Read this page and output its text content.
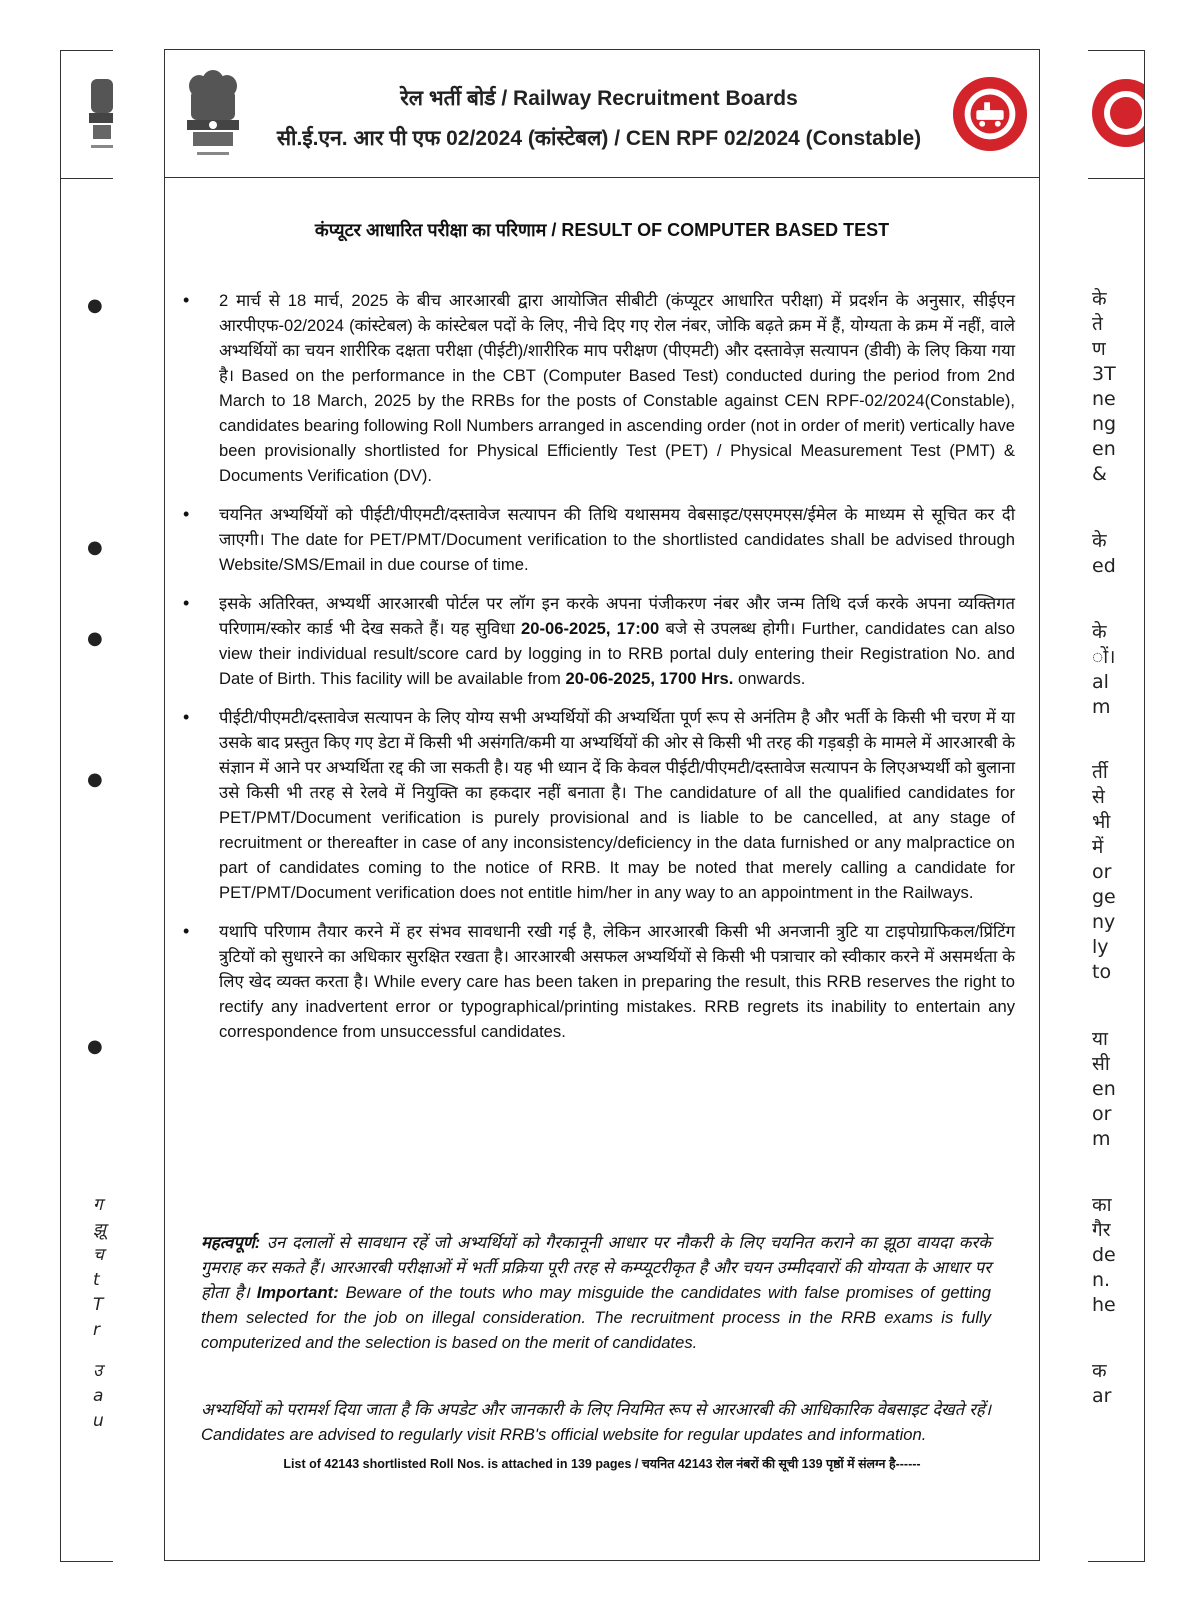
●
●
●
●
●
ग
झू
च
t
T
r
उ
a
u
के
ते
ण
3T
ne
ng
en
&
के
ed
के
ों।
al
m
र्ती
से
भी
में
or
ge
ny
ly
to
या
सी
en
or
m
का
गैर
de
n.
he
क
ar
रेल भर्ती बोर्ड / Railway Recruitment Boards
सी.ई.एन. आर पी एफ 02/2024 (कांस्टेबल) / CEN RPF 02/2024 (Constable)
कंप्यूटर आधारित परीक्षा का परिणाम / RESULT OF COMPUTER BASED TEST
• 2 मार्च से 18 मार्च, 2025 के बीच आरआरबी द्वारा आयोजित सीबीटी (कंप्यूटर आधारित परीक्षा) में प्रदर्शन के अनुसार, सीईएन आरपीएफ-02/2024 (कांस्टेबल) के कांस्टेबल पदों के लिए, नीचे दिए गए रोल नंबर, जोकि बढ़ते क्रम में हैं, योग्यता के क्रम में नहीं, वाले अभ्यर्थियों का चयन शारीरिक दक्षता परीक्षा (पीईटी)/शारीरिक माप परीक्षण (पीएमटी) और दस्तावेज़ सत्यापन (डीवी) के लिए किया गया है। Based on the performance in the CBT (Computer Based Test) conducted during the period from 2nd March to 18 March, 2025 by the RRBs for the posts of Constable against CEN RPF-02/2024(Constable), candidates bearing following Roll Numbers arranged in ascending order (not in order of merit) vertically have been provisionally shortlisted for Physical Efficiently Test (PET) / Physical Measurement Test (PMT) & Documents Verification (DV).
• चयनित अभ्यर्थियों को पीईटी/पीएमटी/दस्तावेज सत्यापन की तिथि यथासमय वेबसाइट/एसएमएस/ईमेल के माध्यम से सूचित कर दी जाएगी। The date for PET/PMT/Document verification to the shortlisted candidates shall be advised through Website/SMS/Email in due course of time.
• इसके अतिरिक्त, अभ्यर्थी आरआरबी पोर्टल पर लॉग इन करके अपना पंजीकरण नंबर और जन्म तिथि दर्ज करके अपना व्यक्तिगत परिणाम/स्कोर कार्ड भी देख सकते हैं। यह सुविधा 20-06-2025, 17:00 बजे से उपलब्ध होगी। Further, candidates can also view their individual result/score card by logging in to RRB portal duly entering their Registration No. and Date of Birth. This facility will be available from 20-06-2025, 1700 Hrs. onwards.
• पीईटी/पीएमटी/दस्तावेज सत्यापन के लिए योग्य सभी अभ्यर्थियों की अभ्यर्थिता पूर्ण रूप से अनंतिम है और भर्ती के किसी भी चरण में या उसके बाद प्रस्तुत किए गए डेटा में किसी भी असंगति/कमी या अभ्यर्थियों की ओर से किसी भी तरह की गड़बड़ी के मामले में आरआरबी के संज्ञान में आने पर अभ्यर्थिता रद्द की जा सकती है। यह भी ध्यान दें कि केवल पीईटी/पीएमटी/दस्तावेज सत्यापन के लिएअभ्यर्थी को बुलाना उसे किसी भी तरह से रेलवे में नियुक्ति का हकदार नहीं बनाता है। The candidature of all the qualified candidates for PET/PMT/Document verification is purely provisional and is liable to be cancelled, at any stage of recruitment or thereafter in case of any inconsistency/deficiency in the data furnished or any malpractice on part of candidates coming to the notice of RRB. It may be noted that merely calling a candidate for PET/PMT/Document verification does not entitle him/her in any way to an appointment in the Railways.
• यथापि परिणाम तैयार करने में हर संभव सावधानी रखी गई है, लेकिन आरआरबी किसी भी अनजानी त्रुटि या टाइपोग्राफिकल/प्रिंटिंग त्रुटियों को सुधारने का अधिकार सुरक्षित रखता है। आरआरबी असफल अभ्यर्थियों से किसी भी पत्राचार को स्वीकार करने में असमर्थता के लिए खेद व्यक्त करता है। While every care has been taken in preparing the result, this RRB reserves the right to rectify any inadvertent error or typographical/printing mistakes. RRB regrets its inability to entertain any correspondence from unsuccessful candidates.

महत्वपूर्ण: उन दलालों से सावधान रहें जो अभ्यर्थियों को गैरकानूनी आधार पर नौकरी के लिए चयनित कराने का झूठा वायदा करके गुमराह कर सकते हैं। आरआरबी परीक्षाओं में भर्ती प्रक्रिया पूरी तरह से कम्प्यूटरीकृत है और चयन उम्मीदवारों की योग्यता के आधार पर होता है। Important: Beware of the touts who may misguide the candidates with false promises of getting them selected for the job on illegal consideration. The recruitment process in the RRB exams is fully computerized and the selection is based on the merit of candidates.

अभ्यर्थियों को परामर्श दिया जाता है कि अपडेट और जानकारी के लिए नियमित रूप से आरआरबी की आधिकारिक वेबसाइट देखते रहें। Candidates are advised to regularly visit RRB's official website for regular updates and information.

List of 42143 shortlisted Roll Nos. is attached in 139 pages / चयनित 42143 रोल नंबरों की सूची 139 पृष्ठों में संलग्न है------
